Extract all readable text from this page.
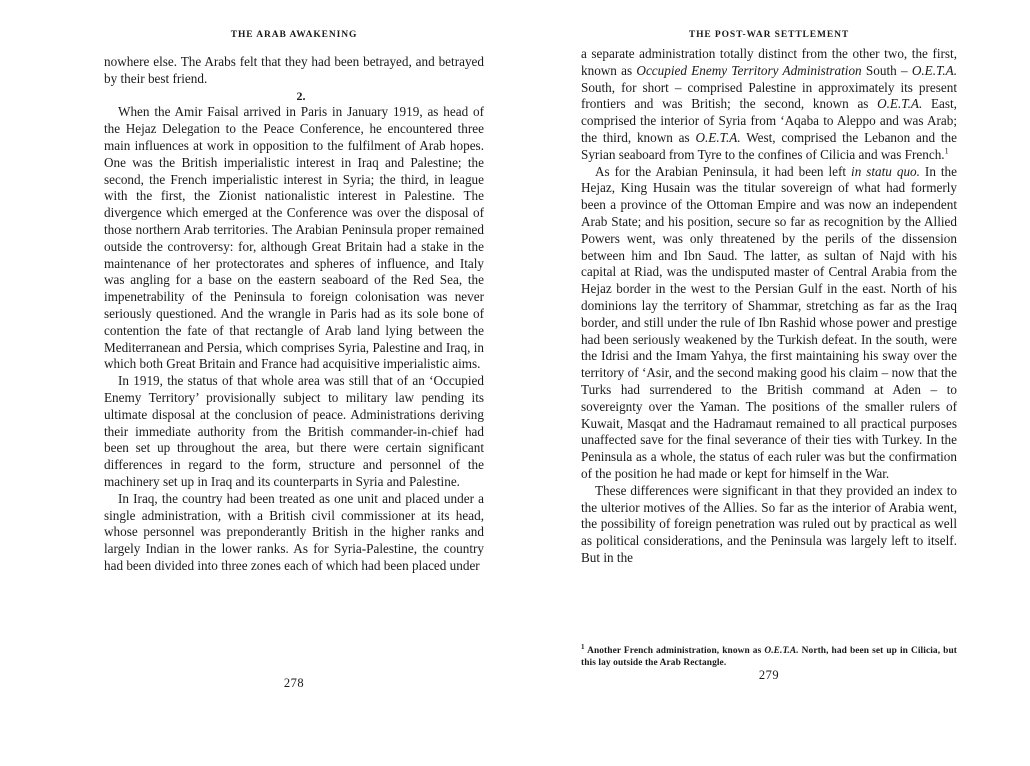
THE ARAB AWAKENING

nowhere else. The Arabs felt that they had been betrayed, and betrayed by their best friend.

2.

When the Amir Faisal arrived in Paris in January 1919, as head of the Hejaz Delegation to the Peace Conference, he encountered three main influences at work in opposition to the fulfilment of Arab hopes. One was the British imperialistic interest in Iraq and Palestine; the second, the French imperialistic interest in Syria; the third, in league with the first, the Zionist nationalistic interest in Palestine. The divergence which emerged at the Conference was over the disposal of those northern Arab territories. The Arabian Peninsula proper remained outside the controversy: for, although Great Britain had a stake in the maintenance of her protectorates and spheres of influence, and Italy was angling for a base on the eastern seaboard of the Red Sea, the impenetrability of the Peninsula to foreign colonisation was never seriously questioned. And the wrangle in Paris had as its sole bone of contention the fate of that rectangle of Arab land lying between the Mediterranean and Persia, which comprises Syria, Palestine and Iraq, in which both Great Britain and France had acquisitive imperialistic aims.

In 1919, the status of that whole area was still that of an ‘Occupied Enemy Territory’ provisionally subject to military law pending its ultimate disposal at the conclusion of peace. Administrations deriving their immediate authority from the British commander-in-chief had been set up throughout the area, but there were certain significant differences in regard to the form, structure and personnel of the machinery set up in Iraq and its counterparts in Syria and Palestine.

In Iraq, the country had been treated as one unit and placed under a single administration, with a British civil commissioner at its head, whose personnel was preponderantly British in the higher ranks and largely Indian in the lower ranks. As for Syria-Palestine, the country had been divided into three zones each of which had been placed under

278
THE POST-WAR SETTLEMENT

a separate administration totally distinct from the other two, the first, known as Occupied Enemy Territory Administration South – O.E.T.A. South, for short – comprised Palestine in approximately its present frontiers and was British; the second, known as O.E.T.A. East, comprised the interior of Syria from ‘Aqaba to Aleppo and was Arab; the third, known as O.E.T.A. West, comprised the Lebanon and the Syrian seaboard from Tyre to the confines of Cilicia and was French.$^1$

As for the Arabian Peninsula, it had been left in statu quo. In the Hejaz, King Husain was the titular sovereign of what had formerly been a province of the Ottoman Empire and was now an independent Arab State; and his position, secure so far as recognition by the Allied Powers went, was only threatened by the perils of the dissension between him and Ibn Saud. The latter, as sultan of Najd with his capital at Riad, was the undisputed master of Central Arabia from the Hejaz border in the west to the Persian Gulf in the east. North of his dominions lay the territory of Shammar, stretching as far as the Iraq border, and still under the rule of Ibn Rashid whose power and prestige had been seriously weakened by the Turkish defeat. In the south, were the Idrisi and the Imam Yahya, the first maintaining his sway over the territory of ‘Asir, and the second making good his claim – now that the Turks had surrendered to the British command at Aden – to sovereignty over the Yaman. The positions of the smaller rulers of Kuwait, Masqat and the Hadramaut remained to all practical purposes unaffected save for the final severance of their ties with Turkey. In the Peninsula as a whole, the status of each ruler was but the confirmation of the position he had made or kept for himself in the War.

These differences were significant in that they provided an index to the ulterior motives of the Allies. So far as the interior of Arabia went, the possibility of foreign penetration was ruled out by practical as well as political considerations, and the Peninsula was largely left to itself. But in the

$^1$ Another French administration, known as O.E.T.A. North, had been set up in Cilicia, but this lay outside the Arab Rectangle.
279
